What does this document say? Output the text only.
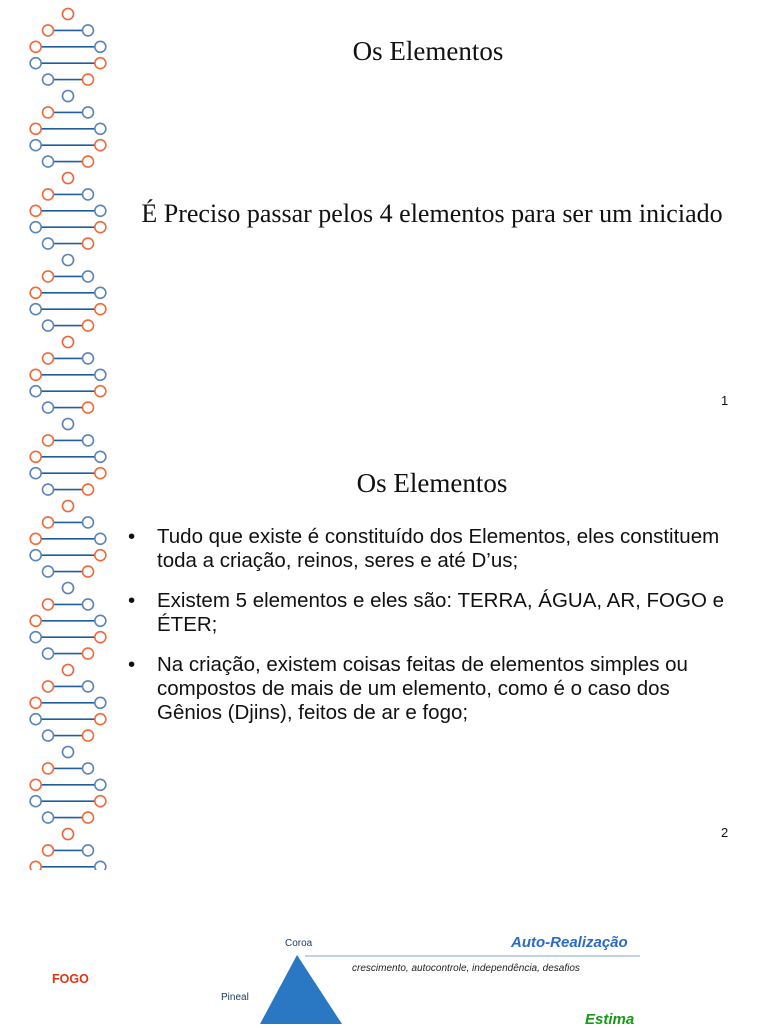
Os Elementos
É Preciso passar pelos 4 elementos para ser um iniciado
1
Os Elementos
• Tudo que existe é constituído dos Elementos, eles constituem toda a criação, reinos, seres e até D’us;
• Existem 5 elementos e eles são: TERRA, ÁGUA, AR, FOGO e ÉTER;
• Na criação, existem coisas feitas de elementos simples ou compostos de mais de um elemento, como é o caso dos Gênios (Djins), feitos de ar e fogo;
2
FOGO
Coroa
Pineal
Auto-Realização
crescimento, autocontrole, independência, desafios
Estima
